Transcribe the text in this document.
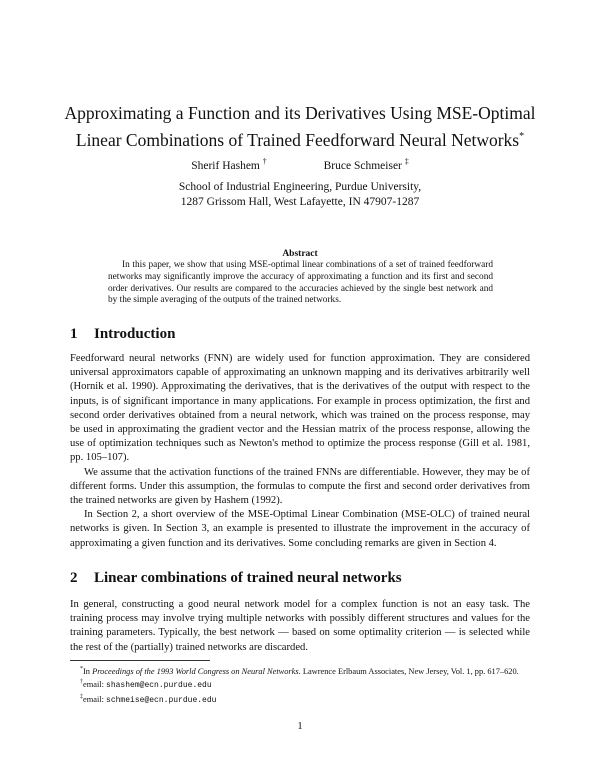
Approximating a Function and its Derivatives Using MSE-Optimal
Linear Combinations of Trained Feedforward Neural Networks*
Sherif Hashem †	Bruce Schmeiser ‡
School of Industrial Engineering, Purdue University,
1287 Grissom Hall, West Lafayette, IN 47907-1287
Abstract

In this paper, we show that using MSE-optimal linear combinations of a set of trained feedforward networks may significantly improve the accuracy of approximating a function and its first and second order derivatives. Our results are compared to the accuracies achieved by the single best network and by the simple averaging of the outputs of the trained networks.

1 Introduction

Feedforward neural networks (FNN) are widely used for function approximation. They are considered universal approximators capable of approximating an unknown mapping and its derivatives arbitrarily well (Hornik et al. 1990). Approximating the derivatives, that is the derivatives of the output with respect to the inputs, is of significant importance in many applications. For example in process optimization, the first and second order derivatives obtained from a neural network, which was trained on the process response, may be used in approximating the gradient vector and the Hessian matrix of the process response, allowing the use of optimization techniques such as Newton's method to optimize the process response (Gill et al. 1981, pp. 105–107).

We assume that the activation functions of the trained FNNs are differentiable. However, they may be of different forms. Under this assumption, the formulas to compute the first and second order derivatives from the trained networks are given by Hashem (1992).

In Section 2, a short overview of the MSE-Optimal Linear Combination (MSE-OLC) of trained neural networks is given. In Section 3, an example is presented to illustrate the improvement in the accuracy of approximating a given function and its derivatives. Some concluding remarks are given in Section 4.

2 Linear combinations of trained neural networks

In general, constructing a good neural network model for a complex function is not an easy task. The training process may involve trying multiple networks with possibly different structures and values for the training parameters. Typically, the best network — based on some optimality criterion — is selected while the rest of the (partially) trained networks are discarded.

*In Proceedings of the 1993 World Congress on Neural Networks. Lawrence Erlbaum Associates, New Jersey, Vol. 1, pp. 617–620.

†email: shashem@ecn.purdue.edu

‡email: schmeise@ecn.purdue.edu

1
